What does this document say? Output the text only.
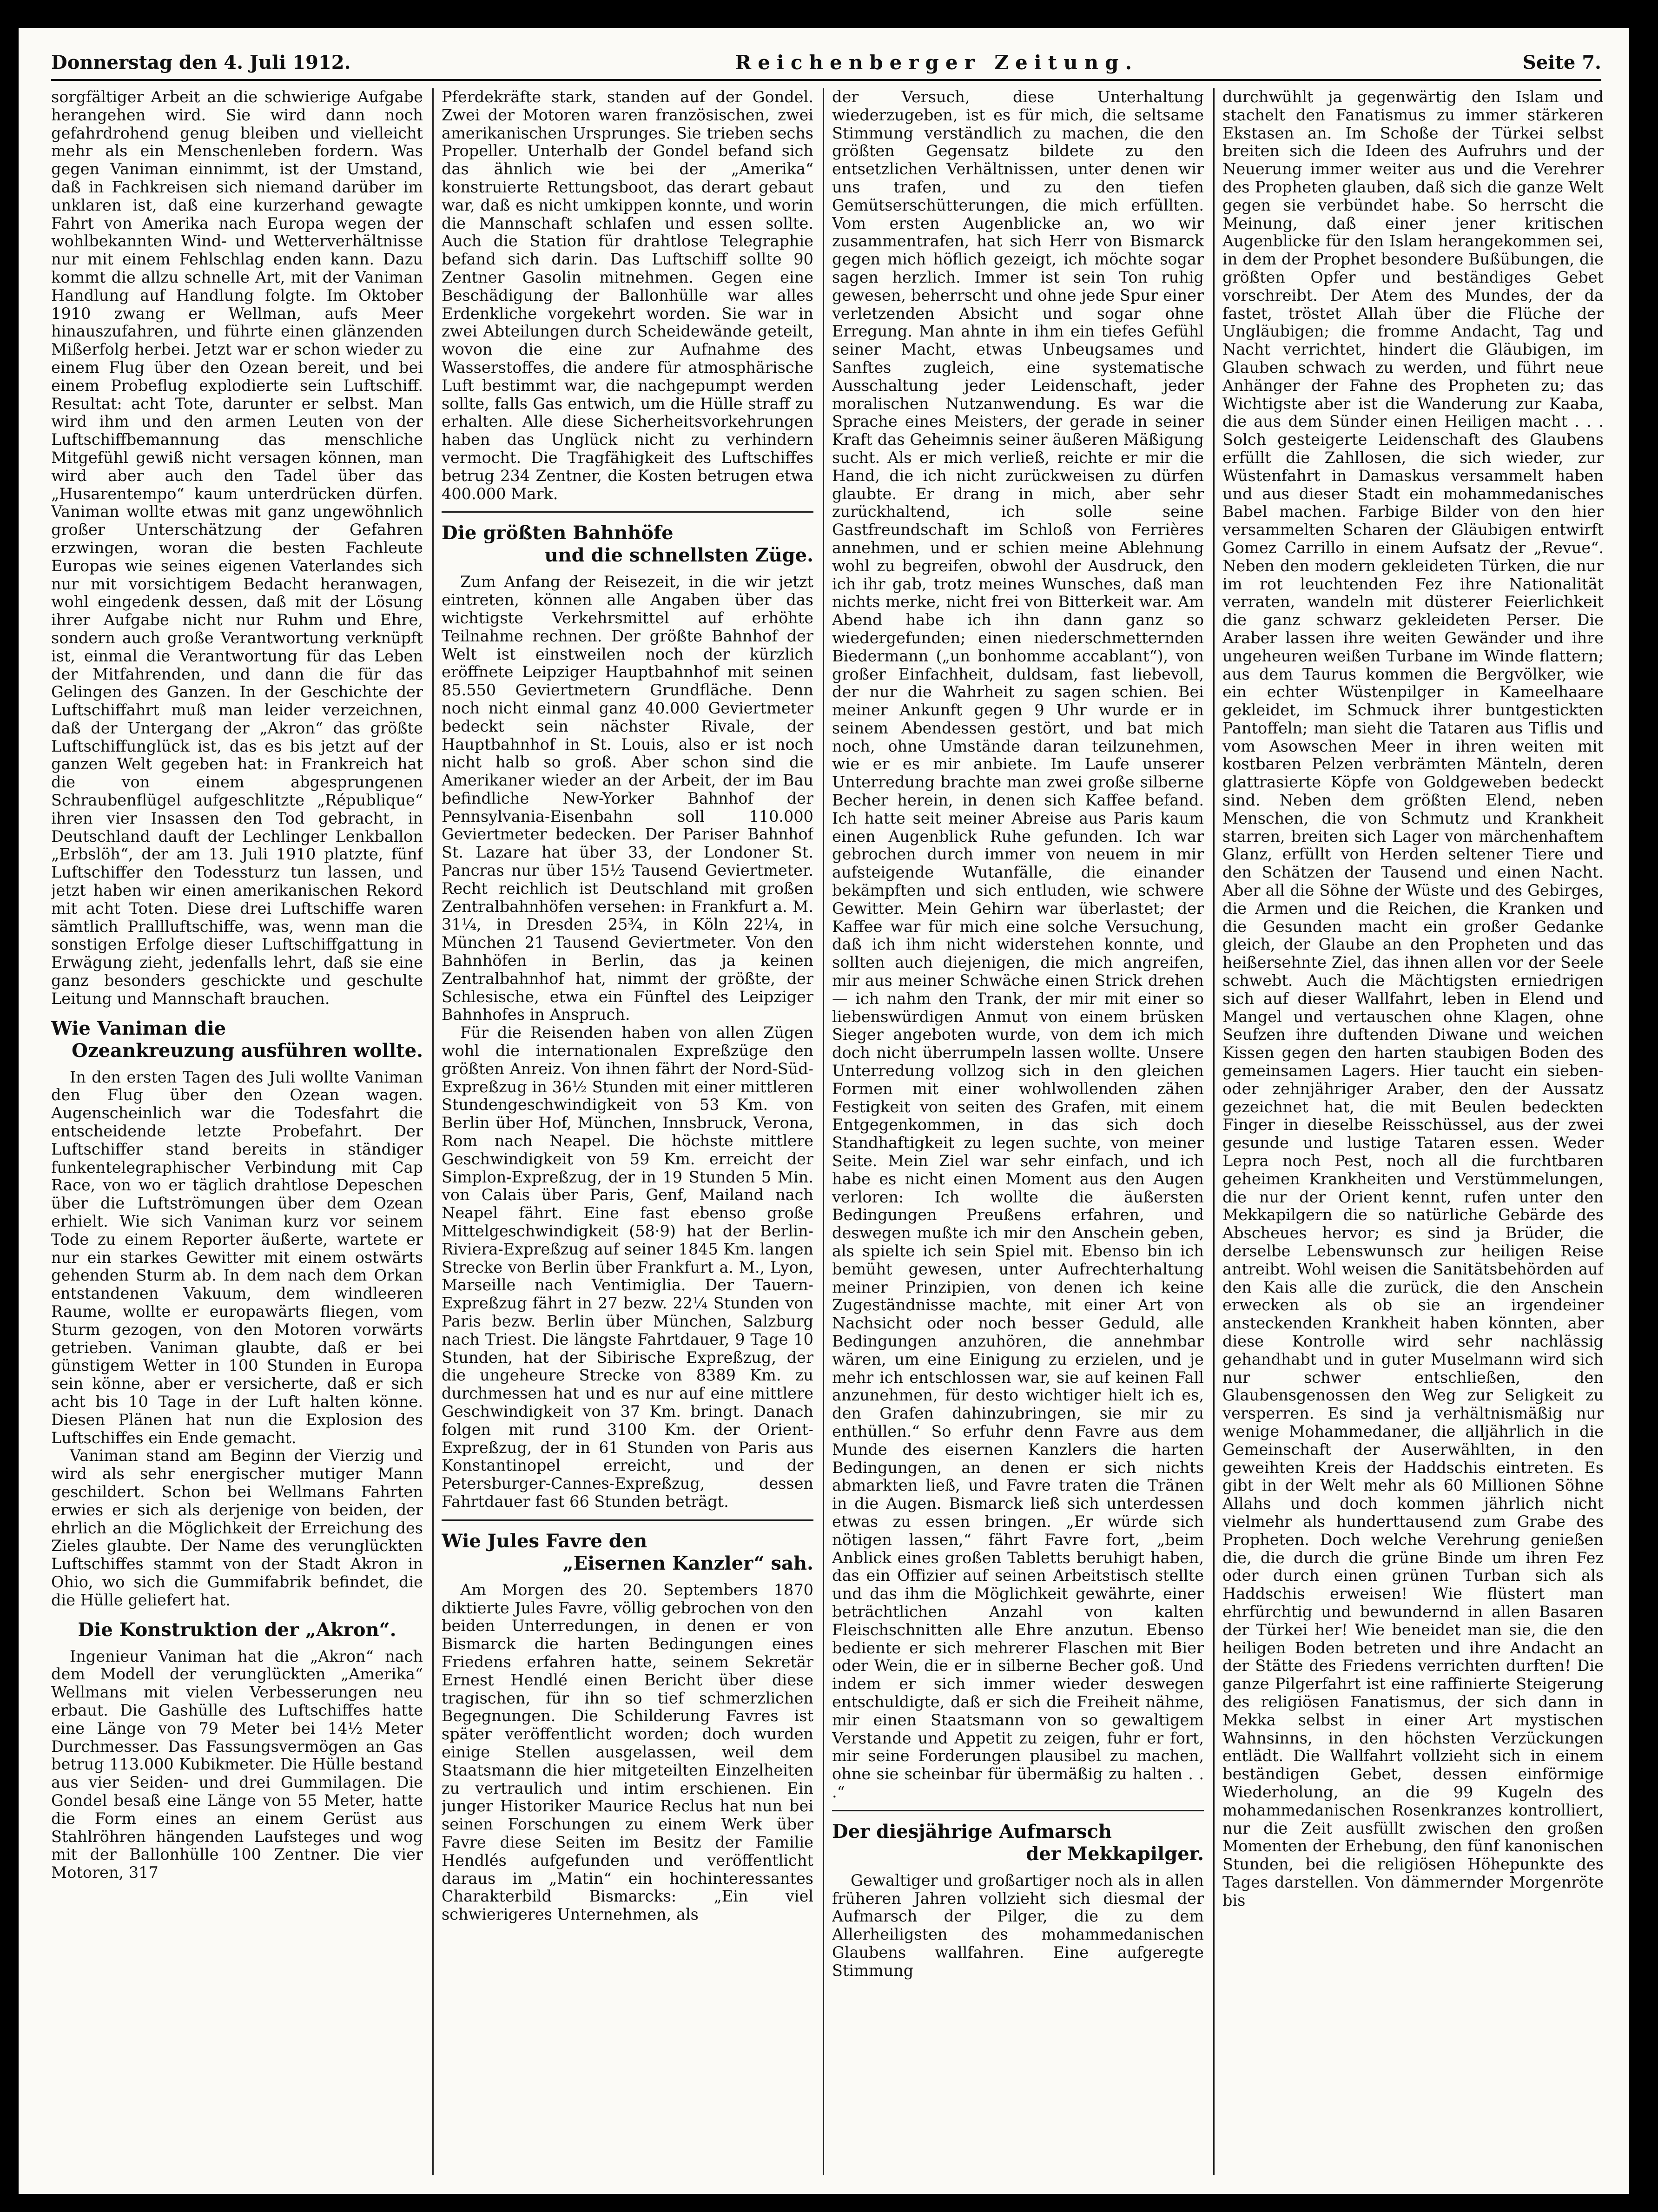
Donnerstag den 4. Juli 1912.	Reichenberger Zeitung.	Seite 7.

sorgfältiger Arbeit an die schwierige Aufgabe herangehen wird. Sie wird dann noch gefahrdrohend genug bleiben und vielleicht mehr als ein Menschenleben fordern. Was gegen Vaniman einnimmt, ist der Umstand, daß in Fachkreisen sich niemand darüber im unklaren ist, daß eine kurzerhand gewagte Fahrt von Amerika nach Europa wegen der wohlbekannten Wind- und Wetterverhältnisse nur mit einem Fehlschlag enden kann. Dazu kommt die allzu schnelle Art, mit der Vaniman Handlung auf Handlung folgte. Im Oktober 1910 zwang er Wellman, aufs Meer hinauszufahren, und führte einen glänzenden Mißerfolg herbei. Jetzt war er schon wieder zu einem Flug über den Ozean bereit, und bei einem Probeflug explodierte sein Luftschiff. Resultat: acht Tote, darunter er selbst. Man wird ihm und den armen Leuten von der Luftschiffbemannung das menschliche Mitgefühl gewiß nicht versagen können, man wird aber auch den Tadel über das „Husarentempo“ kaum unterdrücken dürfen. Vaniman wollte etwas mit ganz ungewöhnlich großer Unterschätzung der Gefahren erzwingen, woran die besten Fachleute Europas wie seines eigenen Vaterlandes sich nur mit vorsichtigem Bedacht heranwagen, wohl eingedenk dessen, daß mit der Lösung ihrer Aufgabe nicht nur Ruhm und Ehre, sondern auch große Verantwortung verknüpft ist, einmal die Verantwortung für das Leben der Mitfahrenden, und dann die für das Gelingen des Ganzen. In der Geschichte der Luftschiffahrt muß man leider verzeichnen, daß der Untergang der „Akron“ das größte Luftschiffunglück ist, das es bis jetzt auf der ganzen Welt gegeben hat: in Frankreich hat die von einem abgesprungenen Schraubenflügel aufgeschlitzte „République“ ihren vier Insassen den Tod gebracht, in Deutschland dauft der Lechlinger Lenkballon „Erbslöh“, der am 13. Juli 1910 platzte, fünf Luftschiffer den Todessturz tun lassen, und jetzt haben wir einen amerikanischen Rekord mit acht Toten. Diese drei Luftschiffe waren sämtlich Prallluftschiffe, was, wenn man die sonstigen Erfolge dieser Luftschiffgattung in Erwägung zieht, jedenfalls lehrt, daß sie eine ganz besonders geschickte und geschulte Leitung und Mannschaft brauchen.

Wie Vaniman die
Ozeankreuzung ausführen wollte.

In den ersten Tagen des Juli wollte Vaniman den Flug über den Ozean wagen. Augenscheinlich war die Todesfahrt die entscheidende letzte Probefahrt. Der Luftschiffer stand bereits in ständiger funkentelegraphischer Verbindung mit Cap Race, von wo er täglich drahtlose Depeschen über die Luftströmungen über dem Ozean erhielt. Wie sich Vaniman kurz vor seinem Tode zu einem Reporter äußerte, wartete er nur ein starkes Gewitter mit einem ostwärts gehenden Sturm ab. In dem nach dem Orkan entstandenen Vakuum, dem windleeren Raume, wollte er europawärts fliegen, vom Sturm gezogen, von den Motoren vorwärts getrieben. Vaniman glaubte, daß er bei günstigem Wetter in 100 Stunden in Europa sein könne, aber er versicherte, daß er sich acht bis 10 Tage in der Luft halten könne. Diesen Plänen hat nun die Explosion des Luftschiffes ein Ende gemacht.

Vaniman stand am Beginn der Vierzig und wird als sehr energischer mutiger Mann geschildert. Schon bei Wellmans Fahrten erwies er sich als derjenige von beiden, der ehrlich an die Möglichkeit der Erreichung des Zieles glaubte. Der Name des verunglückten Luftschiffes stammt von der Stadt Akron in Ohio, wo sich die Gummifabrik befindet, die die Hülle geliefert hat.

Die Konstruktion der „Akron“.

Ingenieur Vaniman hat die „Akron“ nach dem Modell der verunglückten „Amerika“ Wellmans mit vielen Verbesserungen neu erbaut. Die Gashülle des Luftschiffes hatte eine Länge von 79 Meter bei 14½ Meter Durchmesser. Das Fassungsvermögen an Gas betrug 113.000 Kubikmeter. Die Hülle bestand aus vier Seiden- und drei Gummilagen. Die Gondel besaß eine Länge von 55 Meter, hatte die Form eines an einem Gerüst aus Stahlröhren hängenden Laufsteges und wog mit der Ballonhülle 100 Zentner. Die vier Motoren, 317

Pferdekräfte stark, standen auf der Gondel. Zwei der Motoren waren französischen, zwei amerikanischen Ursprunges. Sie trieben sechs Propeller. Unterhalb der Gondel befand sich das ähnlich wie bei der „Amerika“ konstruierte Rettungsboot, das derart gebaut war, daß es nicht umkippen konnte, und worin die Mannschaft schlafen und essen sollte. Auch die Station für drahtlose Telegraphie befand sich darin. Das Luftschiff sollte 90 Zentner Gasolin mitnehmen. Gegen eine Beschädigung der Ballonhülle war alles Erdenkliche vorgekehrt worden. Sie war in zwei Abteilungen durch Scheidewände geteilt, wovon die eine zur Aufnahme des Wasserstoffes, die andere für atmosphärische Luft bestimmt war, die nachgepumpt werden sollte, falls Gas entwich, um die Hülle straff zu erhalten. Alle diese Sicherheitsvorkehrungen haben das Unglück nicht zu verhindern vermocht. Die Tragfähigkeit des Luftschiffes betrug 234 Zentner, die Kosten betrugen etwa 400.000 Mark.

Die größten Bahnhöfe
und die schnellsten Züge.

Zum Anfang der Reisezeit, in die wir jetzt eintreten, können alle Angaben über das wichtigste Verkehrsmittel auf erhöhte Teilnahme rechnen. Der größte Bahnhof der Welt ist einstweilen noch der kürzlich eröffnete Leipziger Hauptbahnhof mit seinen 85.550 Geviertmetern Grundfläche. Denn noch nicht einmal ganz 40.000 Geviertmeter bedeckt sein nächster Rivale, der Hauptbahnhof in St. Louis, also er ist noch nicht halb so groß. Aber schon sind die Amerikaner wieder an der Arbeit, der im Bau befindliche New-Yorker Bahnhof der Pennsylvania-Eisenbahn soll 110.000 Geviertmeter bedecken. Der Pariser Bahnhof St. Lazare hat über 33, der Londoner St. Pancras nur über 15½ Tausend Geviertmeter. Recht reichlich ist Deutschland mit großen Zentralbahnhöfen versehen: in Frankfurt a. M. 31¼, in Dresden 25¾, in Köln 22¼, in München 21 Tausend Geviertmeter. Von den Bahnhöfen in Berlin, das ja keinen Zentralbahnhof hat, nimmt der größte, der Schlesische, etwa ein Fünftel des Leipziger Bahnhofes in Anspruch.

Für die Reisenden haben von allen Zügen wohl die internationalen Expreßzüge den größten Anreiz. Von ihnen fährt der Nord-Süd-Expreßzug in 36½ Stunden mit einer mittleren Stundengeschwindigkeit von 53 Km. von Berlin über Hof, München, Innsbruck, Verona, Rom nach Neapel. Die höchste mittlere Geschwindigkeit von 59 Km. erreicht der Simplon-Expreßzug, der in 19 Stunden 5 Min. von Calais über Paris, Genf, Mailand nach Neapel fährt. Eine fast ebenso große Mittelgeschwindigkeit (58·9) hat der Berlin-Riviera-Expreßzug auf seiner 1845 Km. langen Strecke von Berlin über Frankfurt a. M., Lyon, Marseille nach Ventimiglia. Der Tauern-Expreßzug fährt in 27 bezw. 22¼ Stunden von Paris bezw. Berlin über München, Salzburg nach Triest. Die längste Fahrtdauer, 9 Tage 10 Stunden, hat der Sibirische Expreßzug, der die ungeheure Strecke von 8389 Km. zu durchmessen hat und es nur auf eine mittlere Geschwindigkeit von 37 Km. bringt. Danach folgen mit rund 3100 Km. der Orient-Expreßzug, der in 61 Stunden von Paris aus Konstantinopel erreicht, und der Petersburger-Cannes-Expreßzug, dessen Fahrtdauer fast 66 Stunden beträgt.

Wie Jules Favre den
„Eisernen Kanzler“ sah.

Am Morgen des 20. Septembers 1870 diktierte Jules Favre, völlig gebrochen von den beiden Unterredungen, in denen er von Bismarck die harten Bedingungen eines Friedens erfahren hatte, seinem Sekretär Ernest Hendlé einen Bericht über diese tragischen, für ihn so tief schmerzlichen Begegnungen. Die Schilderung Favres ist später veröffentlicht worden; doch wurden einige Stellen ausgelassen, weil dem Staatsmann die hier mitgeteilten Einzelheiten zu vertraulich und intim erschienen. Ein junger Historiker Maurice Reclus hat nun bei seinen Forschungen zu einem Werk über Favre diese Seiten im Besitz der Familie Hendlés aufgefunden und veröffentlicht daraus im „Matin“ ein hochinteressantes Charakterbild Bismarcks: „Ein viel schwierigeres Unternehmen, als

der Versuch, diese Unterhaltung wiederzugeben, ist es für mich, die seltsame Stimmung verständlich zu machen, die den größten Gegensatz bildete zu den entsetzlichen Verhältnissen, unter denen wir uns trafen, und zu den tiefen Gemütserschütterungen, die mich erfüllten. Vom ersten Augenblicke an, wo wir zusammentrafen, hat sich Herr von Bismarck gegen mich höflich gezeigt, ich möchte sogar sagen herzlich. Immer ist sein Ton ruhig gewesen, beherrscht und ohne jede Spur einer verletzenden Absicht und sogar ohne Erregung. Man ahnte in ihm ein tiefes Gefühl seiner Macht, etwas Unbeugsames und Sanftes zugleich, eine systematische Ausschaltung jeder Leidenschaft, jeder moralischen Nutzanwendung. Es war die Sprache eines Meisters, der gerade in seiner Kraft das Geheimnis seiner äußeren Mäßigung sucht. Als er mich verließ, reichte er mir die Hand, die ich nicht zurückweisen zu dürfen glaubte. Er drang in mich, aber sehr zurückhaltend, ich solle seine Gastfreundschaft im Schloß von Ferrières annehmen, und er schien meine Ablehnung wohl zu begreifen, obwohl der Ausdruck, den ich ihr gab, trotz meines Wunsches, daß man nichts merke, nicht frei von Bitterkeit war. Am Abend habe ich ihn dann ganz so wiedergefunden; einen niederschmetternden Biedermann („un bonhomme accablant“), von großer Einfachheit, duldsam, fast liebevoll, der nur die Wahrheit zu sagen schien. Bei meiner Ankunft gegen 9 Uhr wurde er in seinem Abendessen gestört, und bat mich noch, ohne Umstände daran teilzunehmen, wie er es mir anbiete. Im Laufe unserer Unterredung brachte man zwei große silberne Becher herein, in denen sich Kaffee befand. Ich hatte seit meiner Abreise aus Paris kaum einen Augenblick Ruhe gefunden. Ich war gebrochen durch immer von neuem in mir aufsteigende Wutanfälle, die einander bekämpften und sich entluden, wie schwere Gewitter. Mein Gehirn war überlastet; der Kaffee war für mich eine solche Versuchung, daß ich ihm nicht widerstehen konnte, und sollten auch diejenigen, die mich angreifen, mir aus meiner Schwäche einen Strick drehen — ich nahm den Trank, der mir mit einer so liebenswürdigen Anmut von einem brüsken Sieger angeboten wurde, von dem ich mich doch nicht überrumpeln lassen wollte. Unsere Unterredung vollzog sich in den gleichen Formen mit einer wohlwollenden zähen Festigkeit von seiten des Grafen, mit einem Entgegenkommen, in das sich doch Standhaftigkeit zu legen suchte, von meiner Seite. Mein Ziel war sehr einfach, und ich habe es nicht einen Moment aus den Augen verloren: Ich wollte die äußersten Bedingungen Preußens erfahren, und deswegen mußte ich mir den Anschein geben, als spielte ich sein Spiel mit. Ebenso bin ich bemüht gewesen, unter Aufrechterhaltung meiner Prinzipien, von denen ich keine Zugeständnisse machte, mit einer Art von Nachsicht oder noch besser Geduld, alle Bedingungen anzuhören, die annehmbar wären, um eine Einigung zu erzielen, und je mehr ich entschlossen war, sie auf keinen Fall anzunehmen, für desto wichtiger hielt ich es, den Grafen dahinzubringen, sie mir zu enthüllen.“ So erfuhr denn Favre aus dem Munde des eisernen Kanzlers die harten Bedingungen, an denen er sich nichts abmarkten ließ, und Favre traten die Tränen in die Augen. Bismarck ließ sich unterdessen etwas zu essen bringen. „Er würde sich nötigen lassen,“ fährt Favre fort, „beim Anblick eines großen Tabletts beruhigt haben, das ein Offizier auf seinen Arbeitstisch stellte und das ihm die Möglichkeit gewährte, einer beträchtlichen Anzahl von kalten Fleischschnitten alle Ehre anzutun. Ebenso bediente er sich mehrerer Flaschen mit Bier oder Wein, die er in silberne Becher goß. Und indem er sich immer wieder deswegen entschuldigte, daß er sich die Freiheit nähme, mir einen Staatsmann von so gewaltigem Verstande und Appetit zu zeigen, fuhr er fort, mir seine Forderungen plausibel zu machen, ohne sie scheinbar für übermäßig zu halten . . .“

Der diesjährige Aufmarsch
der Mekkapilger.

Gewaltiger und großartiger noch als in allen früheren Jahren vollzieht sich diesmal der Aufmarsch der Pilger, die zu dem Allerheiligsten des mohammedanischen Glaubens wallfahren. Eine aufgeregte Stimmung

durchwühlt ja gegenwärtig den Islam und stachelt den Fanatismus zu immer stärkeren Ekstasen an. Im Schoße der Türkei selbst breiten sich die Ideen des Aufruhrs und der Neuerung immer weiter aus und die Verehrer des Propheten glauben, daß sich die ganze Welt gegen sie verbündet habe. So herrscht die Meinung, daß einer jener kritischen Augenblicke für den Islam herangekommen sei, in dem der Prophet besondere Bußübungen, die größten Opfer und beständiges Gebet vorschreibt. Der Atem des Mundes, der da fastet, tröstet Allah über die Flüche der Ungläubigen; die fromme Andacht, Tag und Nacht verrichtet, hindert die Gläubigen, im Glauben schwach zu werden, und führt neue Anhänger der Fahne des Propheten zu; das Wichtigste aber ist die Wanderung zur Kaaba, die aus dem Sünder einen Heiligen macht . . . Solch gesteigerte Leidenschaft des Glaubens erfüllt die Zahllosen, die sich wieder, zur Wüstenfahrt in Damaskus versammelt haben und aus dieser Stadt ein mohammedanisches Babel machen. Farbige Bilder von den hier versammelten Scharen der Gläubigen entwirft Gomez Carrillo in einem Aufsatz der „Revue“. Neben den modern gekleideten Türken, die nur im rot leuchtenden Fez ihre Nationalität verraten, wandeln mit düsterer Feierlichkeit die ganz schwarz gekleideten Perser. Die Araber lassen ihre weiten Gewänder und ihre ungeheuren weißen Turbane im Winde flattern; aus dem Taurus kommen die Bergvölker, wie ein echter Wüstenpilger in Kameelhaare gekleidet, im Schmuck ihrer buntgestickten Pantoffeln; man sieht die Tataren aus Tiflis und vom Asowschen Meer in ihren weiten mit kostbaren Pelzen verbrämten Mänteln, deren glattrasierte Köpfe von Goldgeweben bedeckt sind. Neben dem größten Elend, neben Menschen, die von Schmutz und Krankheit starren, breiten sich Lager von märchenhaftem Glanz, erfüllt von Herden seltener Tiere und den Schätzen der Tausend und einen Nacht. Aber all die Söhne der Wüste und des Gebirges, die Armen und die Reichen, die Kranken und die Gesunden macht ein großer Gedanke gleich, der Glaube an den Propheten und das heißersehnte Ziel, das ihnen allen vor der Seele schwebt. Auch die Mächtigsten erniedrigen sich auf dieser Wallfahrt, leben in Elend und Mangel und vertauschen ohne Klagen, ohne Seufzen ihre duftenden Diwane und weichen Kissen gegen den harten staubigen Boden des gemeinsamen Lagers. Hier taucht ein sieben- oder zehnjähriger Araber, den der Aussatz gezeichnet hat, die mit Beulen bedeckten Finger in dieselbe Reisschüssel, aus der zwei gesunde und lustige Tataren essen. Weder Lepra noch Pest, noch all die furchtbaren geheimen Krankheiten und Verstümmelungen, die nur der Orient kennt, rufen unter den Mekkapilgern die so natürliche Gebärde des Abscheues hervor; es sind ja Brüder, die derselbe Lebenswunsch zur heiligen Reise antreibt. Wohl weisen die Sanitätsbehörden auf den Kais alle die zurück, die den Anschein erwecken als ob sie an irgendeiner ansteckenden Krankheit haben könnten, aber diese Kontrolle wird sehr nachlässig gehandhabt und in guter Muselmann wird sich nur schwer entschließen, den Glaubensgenossen den Weg zur Seligkeit zu versperren. Es sind ja verhältnismäßig nur wenige Mohammedaner, die alljährlich in die Gemeinschaft der Auserwählten, in den geweihten Kreis der Haddschis eintreten. Es gibt in der Welt mehr als 60 Millionen Söhne Allahs und doch kommen jährlich nicht vielmehr als hunderttausend zum Grabe des Propheten. Doch welche Verehrung genießen die, die durch die grüne Binde um ihren Fez oder durch einen grünen Turban sich als Haddschis erweisen! Wie flüstert man ehrfürchtig und bewundernd in allen Basaren der Türkei her! Wie beneidet man sie, die den heiligen Boden betreten und ihre Andacht an der Stätte des Friedens verrichten durften! Die ganze Pilgerfahrt ist eine raffinierte Steigerung des religiösen Fanatismus, der sich dann in Mekka selbst in einer Art mystischen Wahnsinns, in den höchsten Verzückungen entlädt. Die Wallfahrt vollzieht sich in einem beständigen Gebet, dessen einförmige Wiederholung, an die 99 Kugeln des mohammedanischen Rosenkranzes kontrolliert, nur die Zeit ausfüllt zwischen den großen Momenten der Erhebung, den fünf kanonischen Stunden, bei die religiösen Höhepunkte des Tages darstellen. Von dämmernder Morgenröte bis
